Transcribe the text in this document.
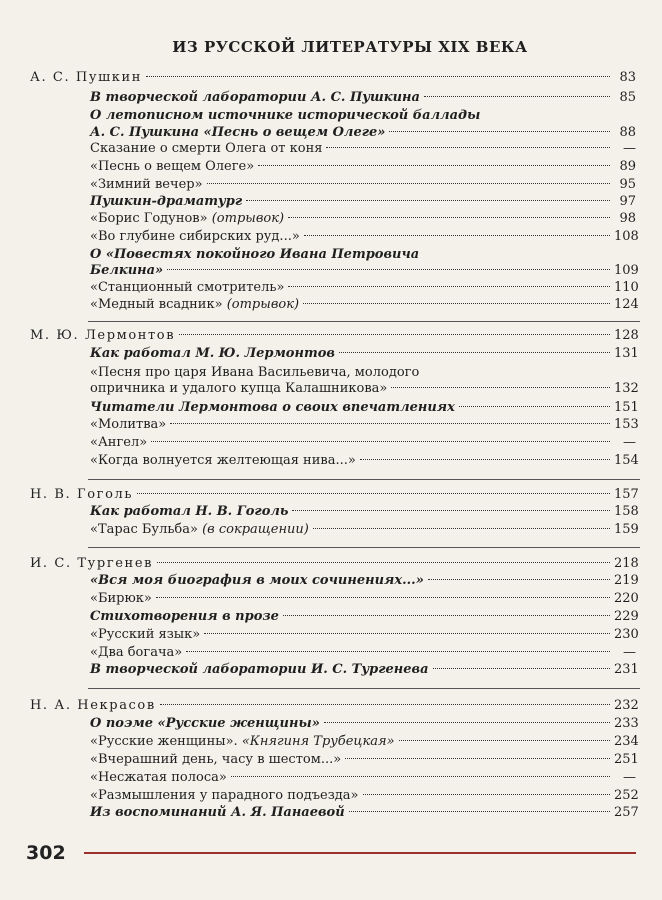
ИЗ РУССКОЙ ЛИТЕРАТУРЫ XIX ВЕКА
А. С. Пушкин	83
В творческой лаборатории А. С. Пушкина	85
О летописном источнике исторической баллады
А. С. Пушкина «Песнь о вещем Олеге»	88
Сказание о смерти Олега от коня	—
«Песнь о вещем Олеге»	89
«Зимний вечер»	95
Пушкин-драматург	97
«Борис Годунов» (отрывок)	98
«Во глубине сибирских руд...»	108
О «Повестях покойного Ивана Петровича
Белкина»	109
«Станционный смотритель»	110
«Медный всадник» (отрывок)	124
М. Ю. Лермонтов	128
Как работал М. Ю. Лермонтов	131
«Песня про царя Ивана Васильевича, молодого
опричника и удалого купца Калашникова»	132
Читатели Лермонтова о своих впечатлениях	151
«Молитва»	153
«Ангел»	—
«Когда волнуется желтеющая нива...»	154
Н. В. Гоголь	157
Как работал Н. В. Гоголь	158
«Тарас Бульба» (в сокращении)	159
И. С. Тургенев	218
«Вся моя биография в моих сочинениях...»	219
«Бирюк»	220
Стихотворения в прозе	229
«Русский язык»	230
«Два богача»	—
В творческой лаборатории И. С. Тургенева	231
Н. А. Некрасов	232
О поэме «Русские женщины»	233
«Русские женщины». «Княгиня Трубецкая»	234
«Вчерашний день, часу в шестом...»	251
«Несжатая полоса»	—
«Размышления у парадного подъезда»	252
Из воспоминаний А. Я. Панаевой	257
302
